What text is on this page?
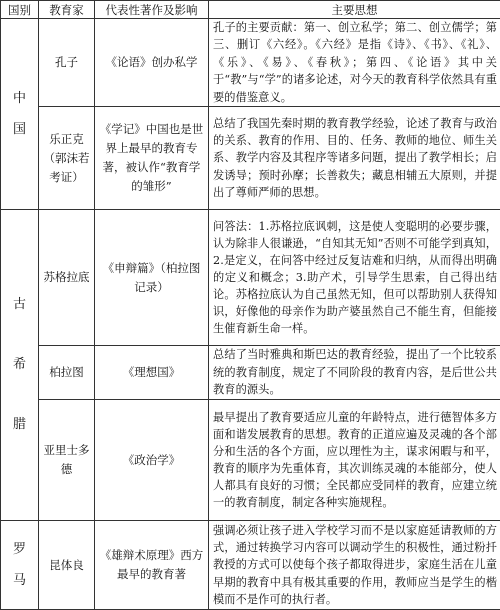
国别	教育家	代表性著作及影响	主要思想

中
国	孔子	《论语》创办私学	孔子的主要贡献：第一、创立私学；第二、创立儒学；第三、删订《六经》。《六经》是指《诗》、《书》、《礼》、《乐》、《易》、《春秋》；第四、《论语》其中关于“教”与“学”的诸多论述，对今天的教育科学依然具有重要的借鉴意义。
	乐正克（郭沫若考证）	《学记》中国也是世界上最早的教育专著，被认作“教育学的雏形”	总结了我国先秦时期的教育教学经验，论述了教育与政治的关系、教育的作用、目的、任务、教师的地位、师生关系、教学内容及其程序等诸多问题，提出了教学相长；启发诱导；预时孙摩；长善救失；藏息相辅五大原则，并提出了尊师严师的思想。

古
希
腊	苏格拉底	《申辩篇》（柏拉图记录）	问答法：1.苏格拉底讽刺，这是使人变聪明的必要步骤，认为除非人很谦逊，“自知其无知”否则不可能学到真知，2.是定义，在问答中经过反复诘难和归纳，从而得出明确的定义和概念；3.助产术，引导学生思索，自己得出结论。苏格拉底认为自己虽然无知，但可以帮助别人获得知识，好像他的母亲作为助产婆虽然自己不能生育，但能接生催育新生命一样。
	柏拉图	《理想国》	总结了当时雅典和斯巴达的教育经验，提出了一个比较系统的教育制度，规定了不同阶段的教育内容，是后世公共教育的源头。
	亚里士多德	《政治学》	最早提出了教育要适应儿童的年龄特点，进行德智体多方面和谐发展教育的思想。教育的正道应遍及灵魂的各个部分和生活的各个方面，应以理性为主，谋求闲暇与和平，教育的顺序为先重体育，其次训练灵魂的本能部分，使人人都具有良好的习惯；全民都应受同样的教育，应建立统一的教育制度，制定各种实施规程。

罗
马	昆体良	《雄辩术原理》西方最早的教育著	强调必须让孩子进入学校学习而不是以家庭延请教师的方式，通过转换学习内容可以调动学生的积极性，通过粉扦教授的方式可以使每个孩子都取得进步，家庭生活在儿童早期的教育中具有极其重要的作用，教师应当是学生的楷模而不是作可的执行者。
